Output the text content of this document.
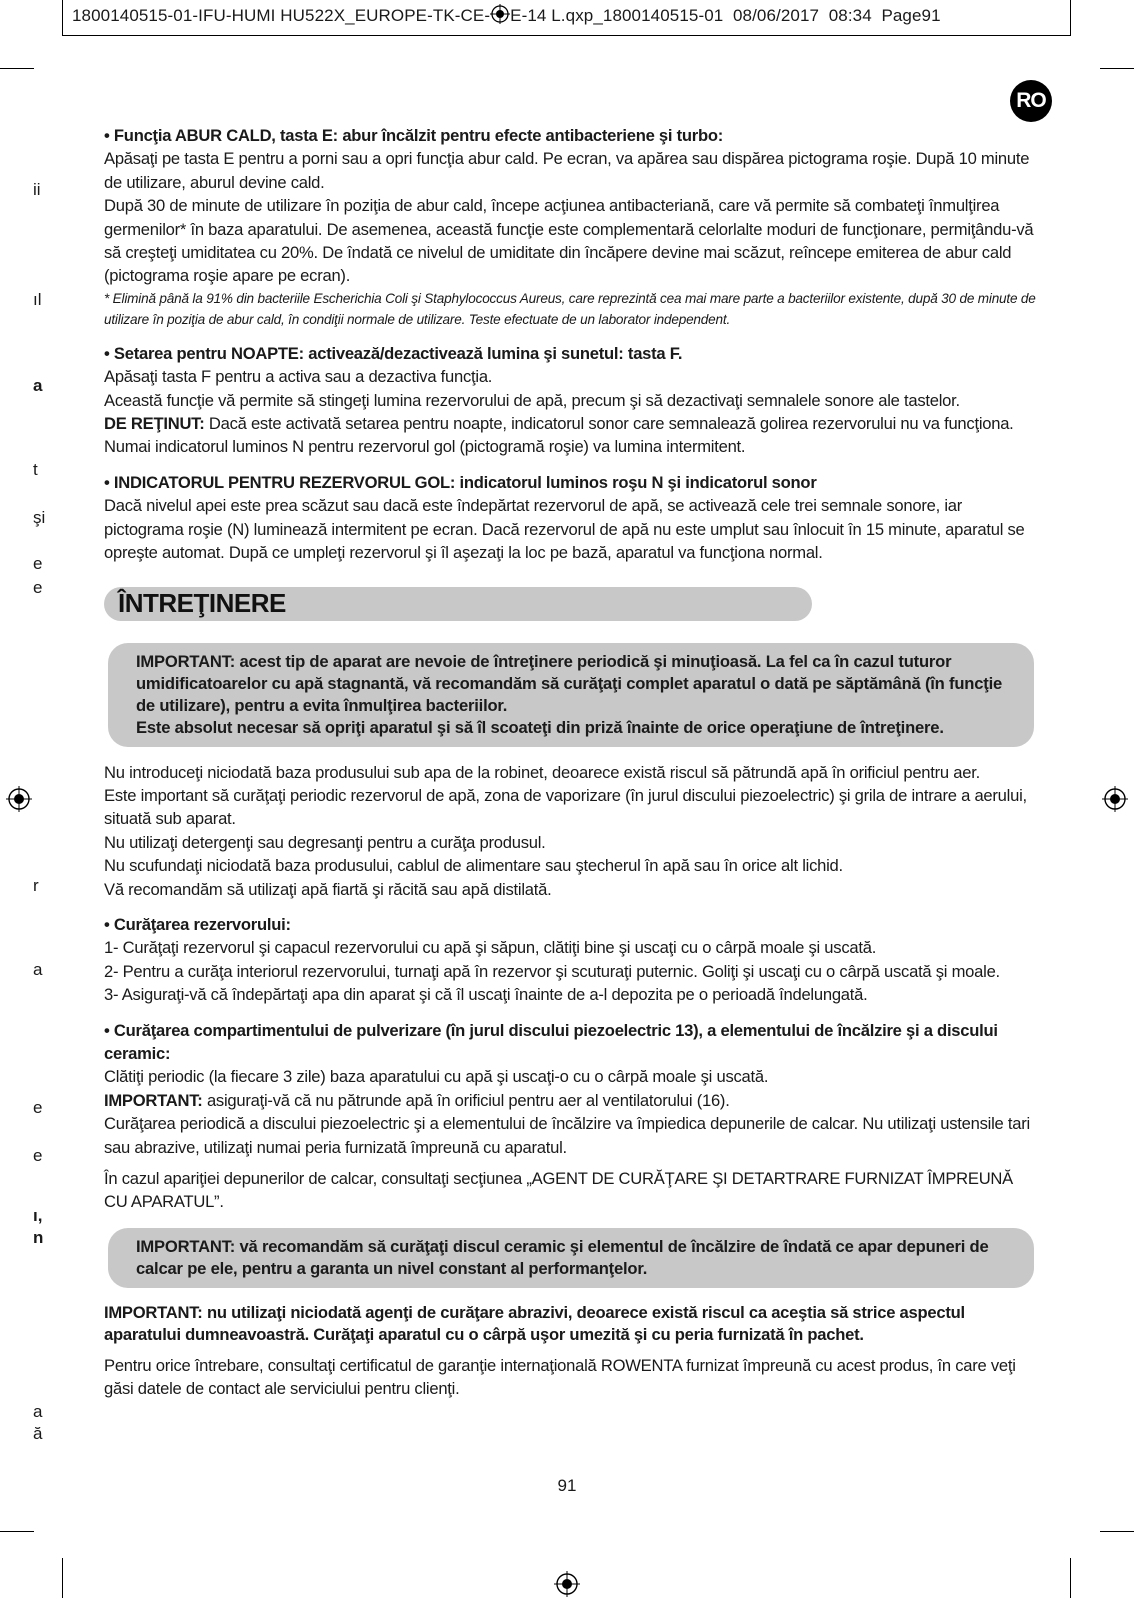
1800140515-01-IFU-HUMI HU522X_EUROPE-TK-CE- E-14 L.qxp_1800140515-01 08/06/2017 08:34 Page91
RO
ii
ıl
a
t
şi
e
e
r
a
e
e
ı,
n
a
ă

• Funcţia ABUR CALD, tasta E: abur încălzit pentru efecte antibacteriene şi turbo:

Apăsaţi pe tasta E pentru a porni sau a opri funcţia abur cald. Pe ecran, va apărea sau dispărea pictograma roşie. După 10 minute de utilizare, aburul devine cald.

După 30 de minute de utilizare în poziţia de abur cald, începe acţiunea antibacteriană, care vă permite să combateţi înmulţirea germenilor* în baza aparatului. De asemenea, această funcţie este complementară celorlalte moduri de funcţionare, permiţându-vă să creşteţi umiditatea cu 20%. De îndată ce nivelul de umiditate din încăpere devine mai scăzut, reîncepe emiterea de abur cald (pictograma roşie apare pe ecran).

* Elimină până la 91% din bacteriile Escherichia Coli şi Staphylococcus Aureus, care reprezintă cea mai mare parte a bacteriilor existente, după 30 de minute de utilizare în poziţia de abur cald, în condiţii normale de utilizare. Teste efectuate de un laborator independent.

• Setarea pentru NOAPTE: activează/dezactivează lumina şi sunetul: tasta F.

Apăsaţi tasta F pentru a activa sau a dezactiva funcţia.

Această funcţie vă permite să stingeţi lumina rezervorului de apă, precum şi să dezactivaţi semnalele sonore ale tastelor.

DE REŢINUT: Dacă este activată setarea pentru noapte, indicatorul sonor care semnalează golirea rezervorului nu va funcţiona.

Numai indicatorul luminos N pentru rezervorul gol (pictogramă roşie) va lumina intermitent.

• INDICATORUL PENTRU REZERVORUL GOL: indicatorul luminos roşu N şi indicatorul sonor

Dacă nivelul apei este prea scăzut sau dacă este îndepărtat rezervorul de apă, se activează cele trei semnale sonore, iar pictograma roşie (N) luminează intermitent pe ecran. Dacă rezervorul de apă nu este umplut sau înlocuit în 15 minute, aparatul se opreşte automat. După ce umpleţi rezervorul şi îl aşezaţi la loc pe bază, aparatul va funcţiona normal.

ÎNTREŢINERE

IMPORTANT: acest tip de aparat are nevoie de întreţinere periodică şi minuţioasă. La fel ca în cazul tuturor umidificatoarelor cu apă stagnantă, vă recomandăm să curăţaţi complet aparatul o dată pe săptămână (în funcţie de utilizare), pentru a evita înmulţirea bacteriilor.

Este absolut necesar să opriţi aparatul şi să îl scoateţi din priză înainte de orice operaţiune de întreţinere.

Nu introduceţi niciodată baza produsului sub apa de la robinet, deoarece există riscul să pătrundă apă în orificiul pentru aer.

Este important să curăţaţi periodic rezervorul de apă, zona de vaporizare (în jurul discului piezoelectric) şi grila de intrare a aerului, situată sub aparat.

Nu utilizaţi detergenţi sau degresanţi pentru a curăţa produsul.

Nu scufundaţi niciodată baza produsului, cablul de alimentare sau ştecherul în apă sau în orice alt lichid.

Vă recomandăm să utilizaţi apă fiartă şi răcită sau apă distilată.

• Curăţarea rezervorului:

1- Curăţaţi rezervorul şi capacul rezervorului cu apă şi săpun, clătiţi bine şi uscaţi cu o cârpă moale şi uscată.

2- Pentru a curăţa interiorul rezervorului, turnaţi apă în rezervor şi scuturaţi puternic. Goliţi şi uscaţi cu o cârpă uscată şi moale.

3- Asiguraţi-vă că îndepărtaţi apa din aparat şi că îl uscaţi înainte de a-l depozita pe o perioadă îndelungată.

• Curăţarea compartimentului de pulverizare (în jurul discului piezoelectric 13), a elementului de încălzire şi a discului ceramic:

Clătiţi periodic (la fiecare 3 zile) baza aparatului cu apă şi uscaţi-o cu o cârpă moale şi uscată.

IMPORTANT: asiguraţi-vă că nu pătrunde apă în orificiul pentru aer al ventilatorului (16).

Curăţarea periodică a discului piezoelectric şi a elementului de încălzire va împiedica depunerile de calcar. Nu utilizaţi ustensile tari sau abrazive, utilizaţi numai peria furnizată împreună cu aparatul.

În cazul apariţiei depunerilor de calcar, consultaţi secţiunea „AGENT DE CURĂŢARE ŞI DETARTRARE FURNIZAT ÎMPREUNĂ CU APARATUL”.

IMPORTANT: vă recomandăm să curăţaţi discul ceramic şi elementul de încălzire de îndată ce apar depuneri de calcar pe ele, pentru a garanta un nivel constant al performanţelor.

IMPORTANT: nu utilizaţi niciodată agenţi de curăţare abrazivi, deoarece există riscul ca aceştia să strice aspectul aparatului dumneavoastră. Curăţaţi aparatul cu o cârpă uşor umezită şi cu peria furnizată în pachet.

Pentru orice întrebare, consultaţi certificatul de garanţie internaţională ROWENTA furnizat împreună cu acest produs, în care veţi găsi datele de contact ale serviciului pentru clienţi.

91
